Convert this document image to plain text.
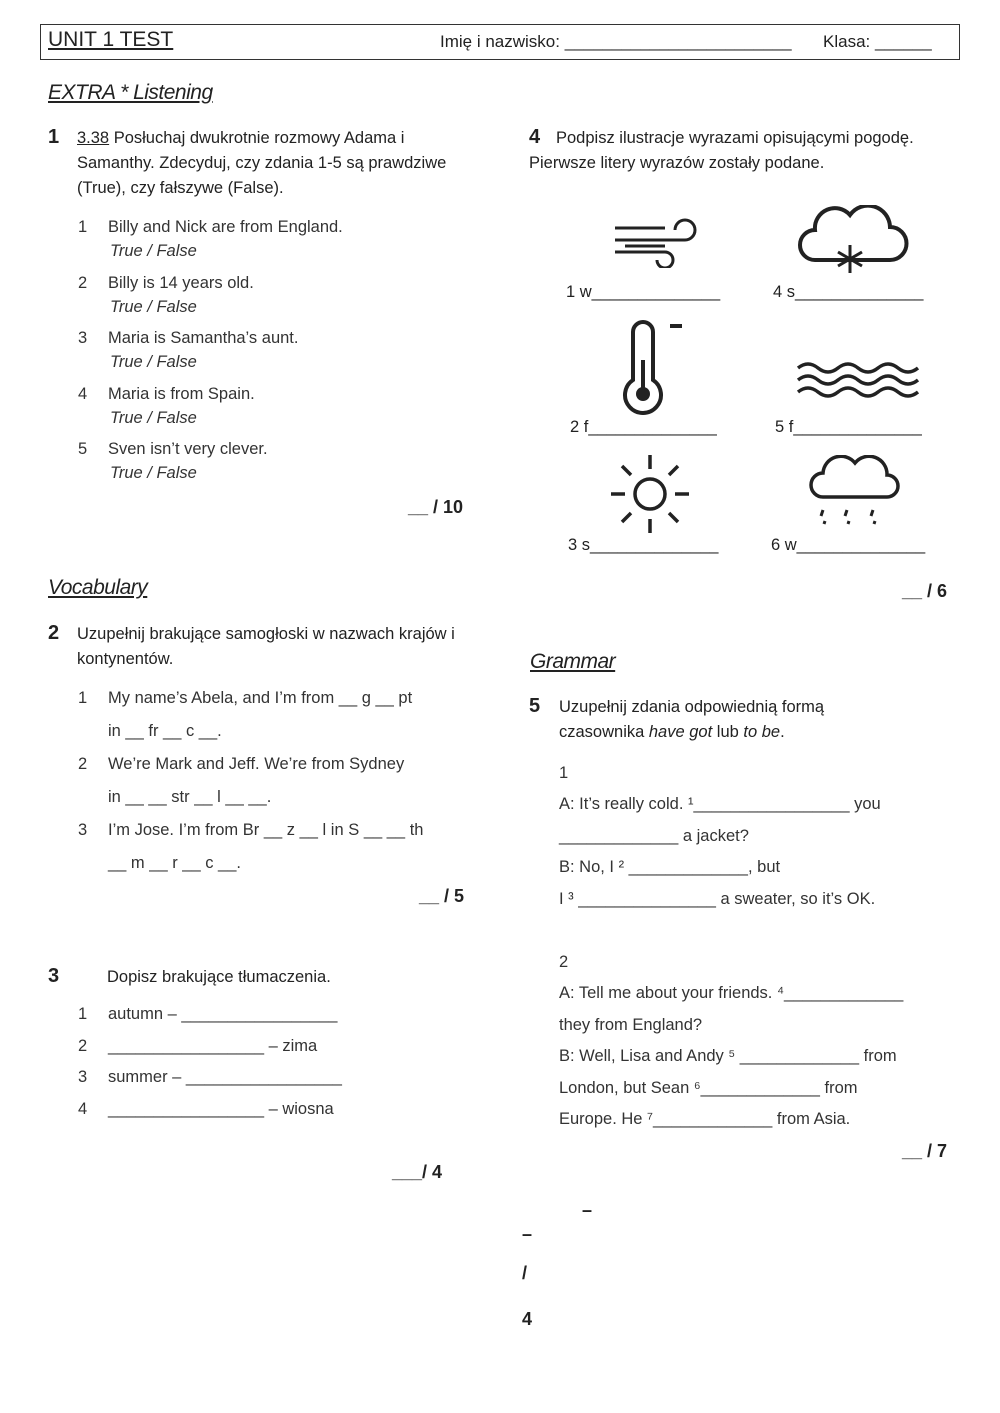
UNIT 1 TEST	Imię i nazwisko: ________________________ Klasa: ______
EXTRA * Listening
1 3.38 Posłuchaj dwukrotnie rozmowy Adama i Samanthy. Zdecyduj, czy zdania 1-5 są prawdziwe (True), czy fałszywe (False).
__ / 10
4 Podpisz ilustracje wyrazami opisującymi pogodę. Pierwsze litery wyrazów zostały podane.
__ / 6
Vocabulary
2 Uzupełnij brakujące samogłoski w nazwach krajów i kontynentów.
__ / 5
3	Dopisz brakujące tłumaczenia.
___/ 4
Grammar
5 Uzupełnij zdania odpowiednią formą czasownika have got lub to be.
__ / 7
–
–
/
4
1 Billy and Nick are from England.
True / False
2 Billy is 14 years old.
True / False
3 Maria is Samantha’s aunt.
True / False
4 Maria is from Spain.
True / False
5 Sven isn’t very clever.
True / False
1 w______________	4 s______________
2 f______________	5 f______________
3 s______________	6 w______________
1 My name’s Abela, and I’m from __ g __ pt
in __ fr __ c __.
2 We’re Mark and Jeff. We’re from Sydney
in __ __ str __ l __ __.
3 I’m Jose. I’m from Br __ z __ l in S __ __ th
__ m __ r __ c __.
1 autumn – _________________
2 _________________ – zima
3 summer – _________________
4 _________________ – wiosna
1
A: It’s really cold. ¹_________________ you
_____________ a jacket?
B: No, I ² _____________, but
I ³ _______________ a sweater, so it’s OK.
2
A: Tell me about your friends. ⁴_____________
they from England?
B: Well, Lisa and Andy ⁵ _____________ from
London, but Sean ⁶_____________ from
Europe. He ⁷_____________ from Asia.
